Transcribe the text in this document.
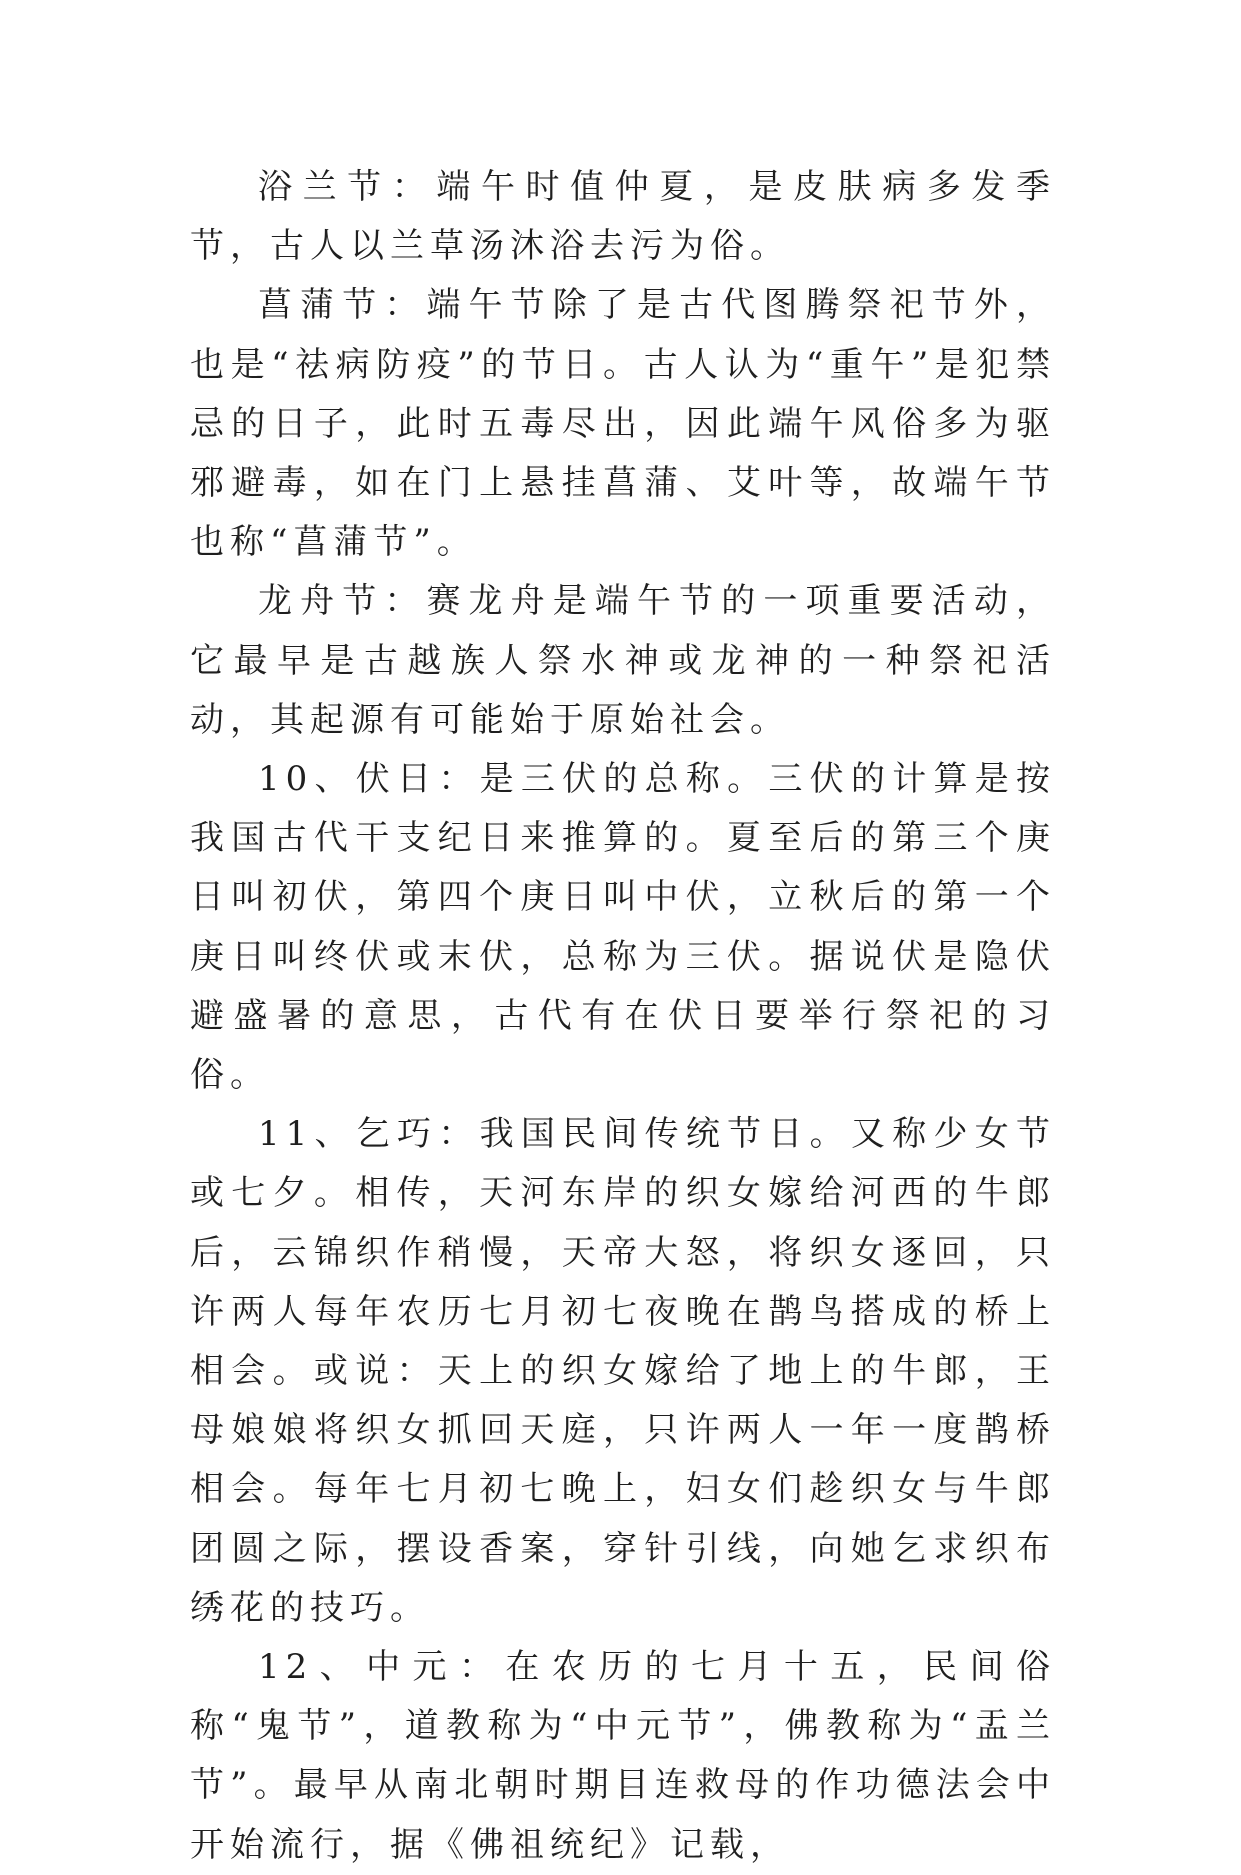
浴兰节：端午时值仲夏，是皮肤病多发季节，古人以兰草汤沐浴去污为俗。

菖蒲节：端午节除了是古代图腾祭祀节外，也是“祛病防疫”的节日。古人认为“重午”是犯禁忌的日子，此时五毒尽出，因此端午风俗多为驱邪避毒，如在门上悬挂菖蒲、艾叶等，故端午节也称“菖蒲节”。

龙舟节：赛龙舟是端午节的一项重要活动，它最早是古越族人祭水神或龙神的一种祭祀活动，其起源有可能始于原始社会。

10、伏日：是三伏的总称。三伏的计算是按我国古代干支纪日来推算的。夏至后的第三个庚日叫初伏，第四个庚日叫中伏，立秋后的第一个庚日叫终伏或末伏，总称为三伏。据说伏是隐伏避盛暑的意思，古代有在伏日要举行祭祀的习俗。

11、乞巧：我国民间传统节日。又称少女节或七夕。相传，天河东岸的织女嫁给河西的牛郎后，云锦织作稍慢，天帝大怒，将织女逐回，只许两人每年农历七月初七夜晚在鹊鸟搭成的桥上相会。或说：天上的织女嫁给了地上的牛郎，王母娘娘将织女抓回天庭，只许两人一年一度鹊桥相会。每年七月初七晚上，妇女们趁织女与牛郎团圆之际，摆设香案，穿针引线，向她乞求织布绣花的技巧。

12、中元：在农历的七月十五，民间俗称“鬼节”，道教称为“中元节”，佛教称为“盂兰节”。最早从南北朝时期目连救母的作功德法会中开始流行，据《佛祖统纪》记载，
